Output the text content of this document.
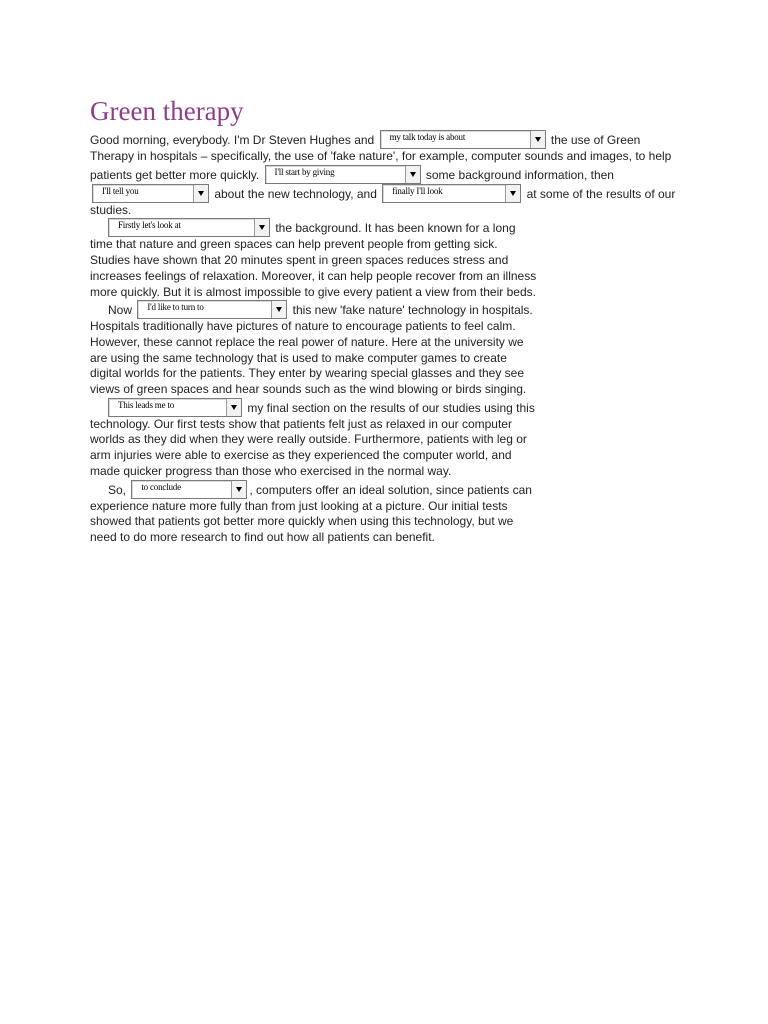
Green therapy

Good morning, everybody. I'm Dr Steven Hughes and	my talk today is about	the use of Green Therapy in hospitals – specifically, the use of 'fake nature', for example, computer sounds and images, to help patients get better more quickly.	I'll start by giving	some background information, then
I'll tell you	about the new technology, and	finally I'll look	at some of the results of our studies.

Firstly let's look at	the background. It has been known for a long time that nature and green spaces can help prevent people from getting sick. Studies have shown that 20 minutes spent in green spaces reduces stress and increases feelings of relaxation. Moreover, it can help people recover from an illness more quickly. But it is almost impossible to give every patient a view from their beds.

Now	I'd like to turn to	this new 'fake nature' technology in hospitals. Hospitals traditionally have pictures of nature to encourage patients to feel calm. However, these cannot replace the real power of nature. Here at the university we are using the same technology that is used to make computer games to create digital worlds for the patients. They enter by wearing special glasses and they see views of green spaces and hear sounds such as the wind blowing or birds singing.

This leads me to	my final section on the results of our studies using this technology. Our first tests show that patients felt just as relaxed in our computer worlds as they did when they were really outside. Furthermore, patients with leg or arm injuries were able to exercise as they experienced the computer world, and made quicker progress than those who exercised in the normal way.

So,	to conclude	, computers offer an ideal solution, since patients can experience nature more fully than from just looking at a picture. Our initial tests showed that patients got better more quickly when using this technology, but we need to do more research to find out how all patients can benefit.
